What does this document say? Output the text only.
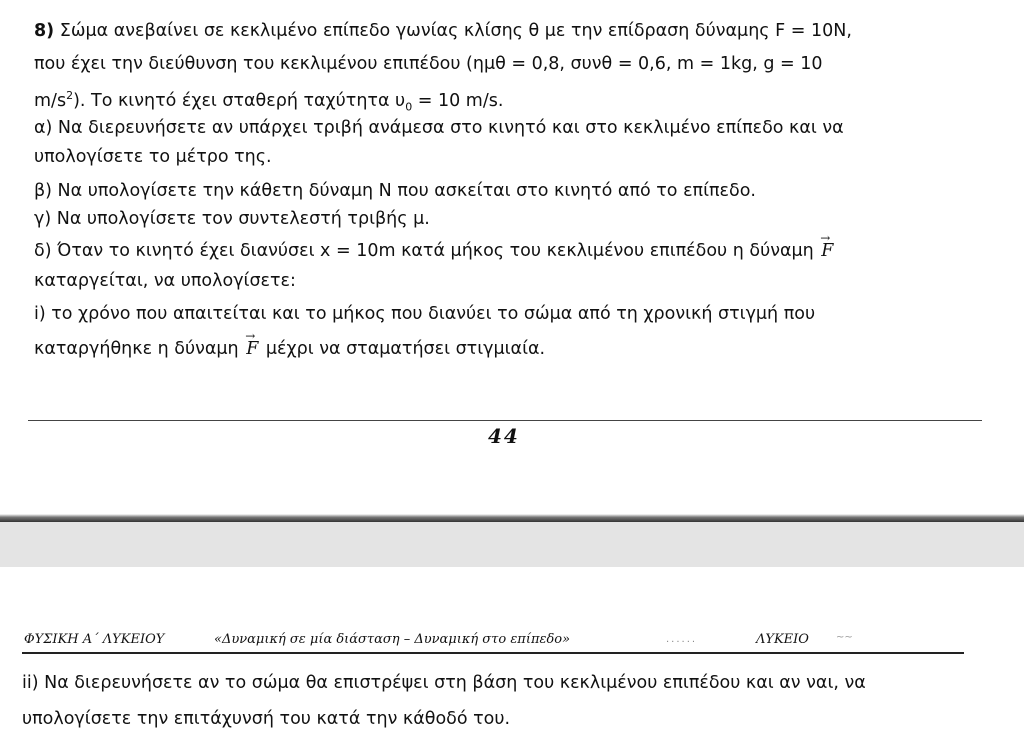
8) Σώμα ανεβαίνει σε κεκλιμένο επίπεδο γωνίας κλίσης θ με την επίδραση δύναμης F = 10N,
που έχει την διεύθυνση του κεκλιμένου επιπέδου (ημθ = 0,8, συνθ = 0,6, m = 1kg, g = 10
$m/s^2$). Το κινητό έχει σταθερή ταχύτητα $\upsilon_0 = 10$ m/s.
α) Να διερευνήσετε αν υπάρχει τριβή ανάμεσα στο κινητό και στο κεκλιμένο επίπεδο και να
υπολογίσετε το μέτρο της.
β) Να υπολογίσετε την κάθετη δύναμη Ν που ασκείται στο κινητό από το επίπεδο.
γ) Να υπολογίσετε τον συντελεστή τριβής μ.
δ) Όταν το κινητό έχει διανύσει x = 10m κατά μήκος του κεκλιμένου επιπέδου η δύναμη → F
καταργείται, να υπολογίσετε:
i) το χρόνο που απαιτείται και το μήκος που διανύει το σώμα από τη χρονική στιγμή που
καταργήθηκε η δύναμη → F μέχρι να σταματήσει στιγμιαία.
44
ΦΥΣΙΚΗ Α΄ ΛΥΚΕΙΟΥ	«Δυναμική σε μία διάσταση – Δυναμική στο επίπεδο»	......	ΛΥΚΕΙΟ	~~
ii) Να διερευνήσετε αν το σώμα θα επιστρέψει στη βάση του κεκλιμένου επιπέδου και αν ναι, να
υπολογίσετε την επιτάχυνσή του κατά την κάθοδό του.
